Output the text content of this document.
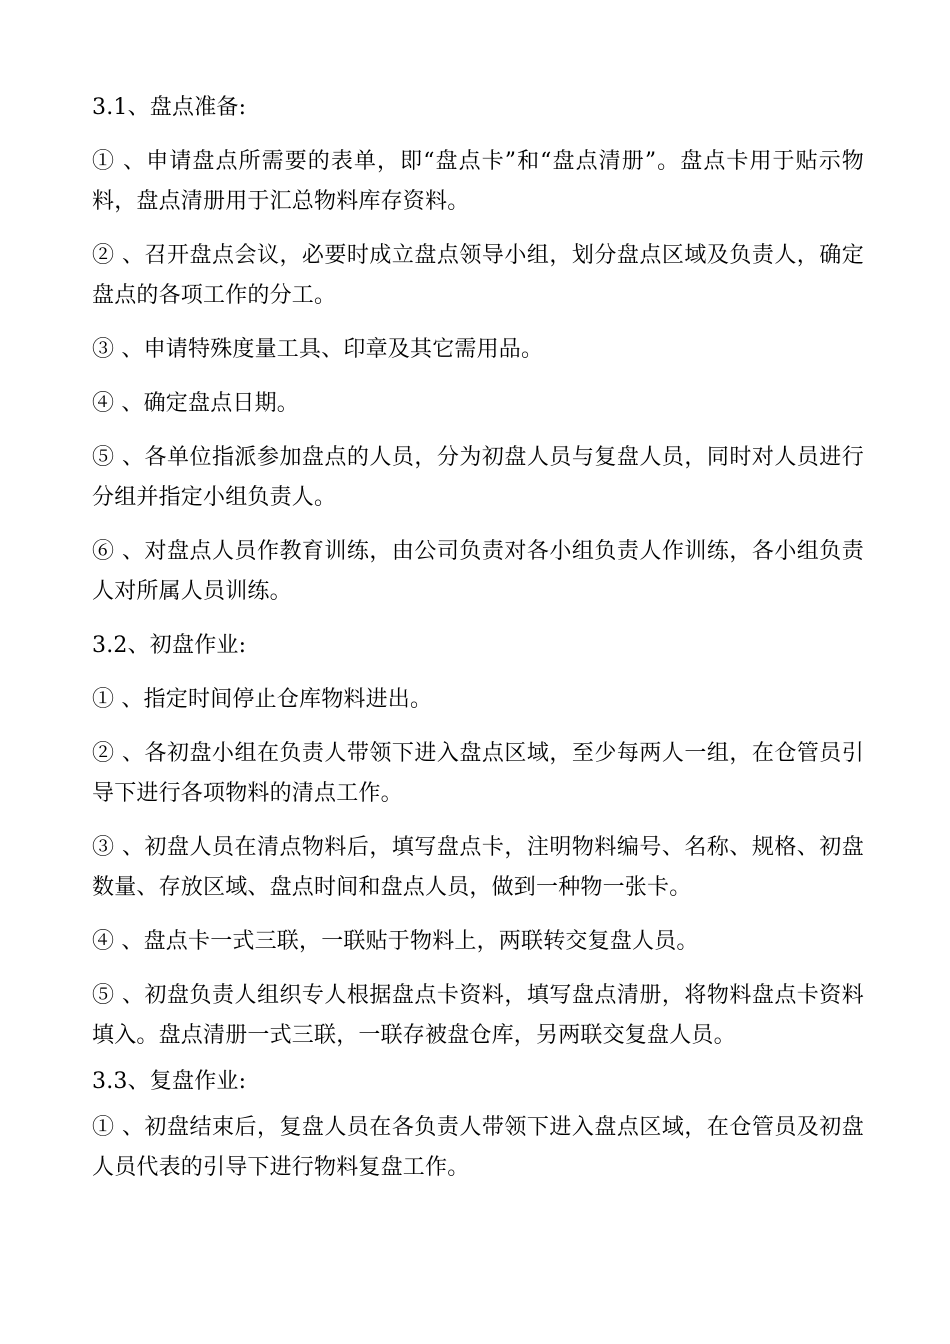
3.1、盘点准备:

① 、申请盘点所需要的表单，即“盘点卡”和“盘点清册”。盘点卡用于贴示物料，盘点清册用于汇总物料库存资料。

② 、召开盘点会议，必要时成立盘点领导小组，划分盘点区域及负责人，确定盘点的各项工作的分工。

③ 、申请特殊度量工具、印章及其它需用品。

④ 、确定盘点日期。

⑤ 、各单位指派参加盘点的人员，分为初盘人员与复盘人员，同时对人员进行分组并指定小组负责人。

⑥ 、对盘点人员作教育训练，由公司负责对各小组负责人作训练，各小组负责人对所属人员训练。

3.2、初盘作业:

① 、指定时间停止仓库物料进出。

② 、各初盘小组在负责人带领下进入盘点区域，至少每两人一组，在仓管员引导下进行各项物料的清点工作。

③ 、初盘人员在清点物料后，填写盘点卡，注明物料编号、名称、规格、初盘数量、存放区域、盘点时间和盘点人员，做到一种物一张卡。

④ 、盘点卡一式三联，一联贴于物料上，两联转交复盘人员。

⑤ 、初盘负责人组织专人根据盘点卡资料，填写盘点清册，将物料盘点卡资料填入。盘点清册一式三联，一联存被盘仓库，另两联交复盘人员。

3.3、复盘作业:

① 、初盘结束后，复盘人员在各负责人带领下进入盘点区域，在仓管员及初盘人员代表的引导下进行物料复盘工作。
